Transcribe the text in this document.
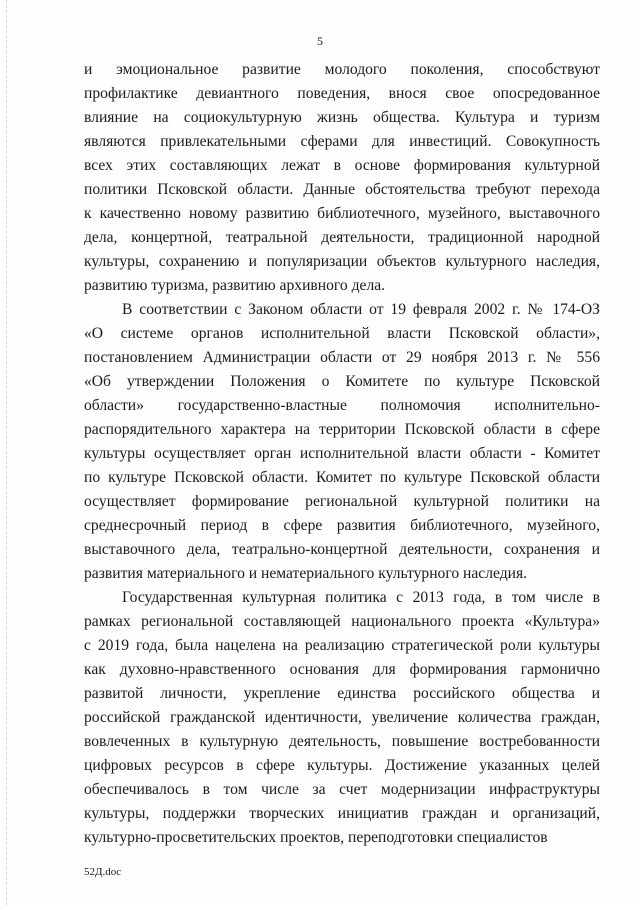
5
и эмоциональное развитие молодого поколения, способствуют
профилактике девиантного поведения, внося свое опосредованное
влияние на социокультурную жизнь общества. Культура и туризм
являются привлекательными сферами для инвестиций. Совокупность
всех этих составляющих лежат в основе формирования культурной
политики Псковской области. Данные обстоятельства требуют перехода
к качественно новому развитию библиотечного, музейного, выставочного
дела, концертной, театральной деятельности, традиционной народной
культуры, сохранению и популяризации объектов культурного наследия,
развитию туризма, развитию архивного дела.
В соответствии с Законом области от 19 февраля 2002 г. № 174-ОЗ
«О системе органов исполнительной власти Псковской области»,
постановлением Администрации области от 29 ноября 2013 г. № 556
«Об утверждении Положения о Комитете по культуре Псковской
области» государственно-властные полномочия исполнительно-
распорядительного характера на территории Псковской области в сфере
культуры осуществляет орган исполнительной власти области - Комитет
по культуре Псковской области. Комитет по культуре Псковской области
осуществляет формирование региональной культурной политики на
среднесрочный период в сфере развития библиотечного, музейного,
выставочного дела, театрально-концертной деятельности, сохранения и
развития материального и нематериального культурного наследия.
Государственная культурная политика с 2013 года, в том числе в
рамках региональной составляющей национального проекта «Культура»
с 2019 года, была нацелена на реализацию стратегической роли культуры
как духовно-нравственного основания для формирования гармонично
развитой личности, укрепление единства российского общества и
российской гражданской идентичности, увеличение количества граждан,
вовлеченных в культурную деятельность, повышение востребованности
цифровых ресурсов в сфере культуры. Достижение указанных целей
обеспечивалось в том числе за счет модернизации инфраструктуры
культуры, поддержки творческих инициатив граждан и организаций,
культурно-просветительских проектов, переподготовки специалистов
52Д.doc
